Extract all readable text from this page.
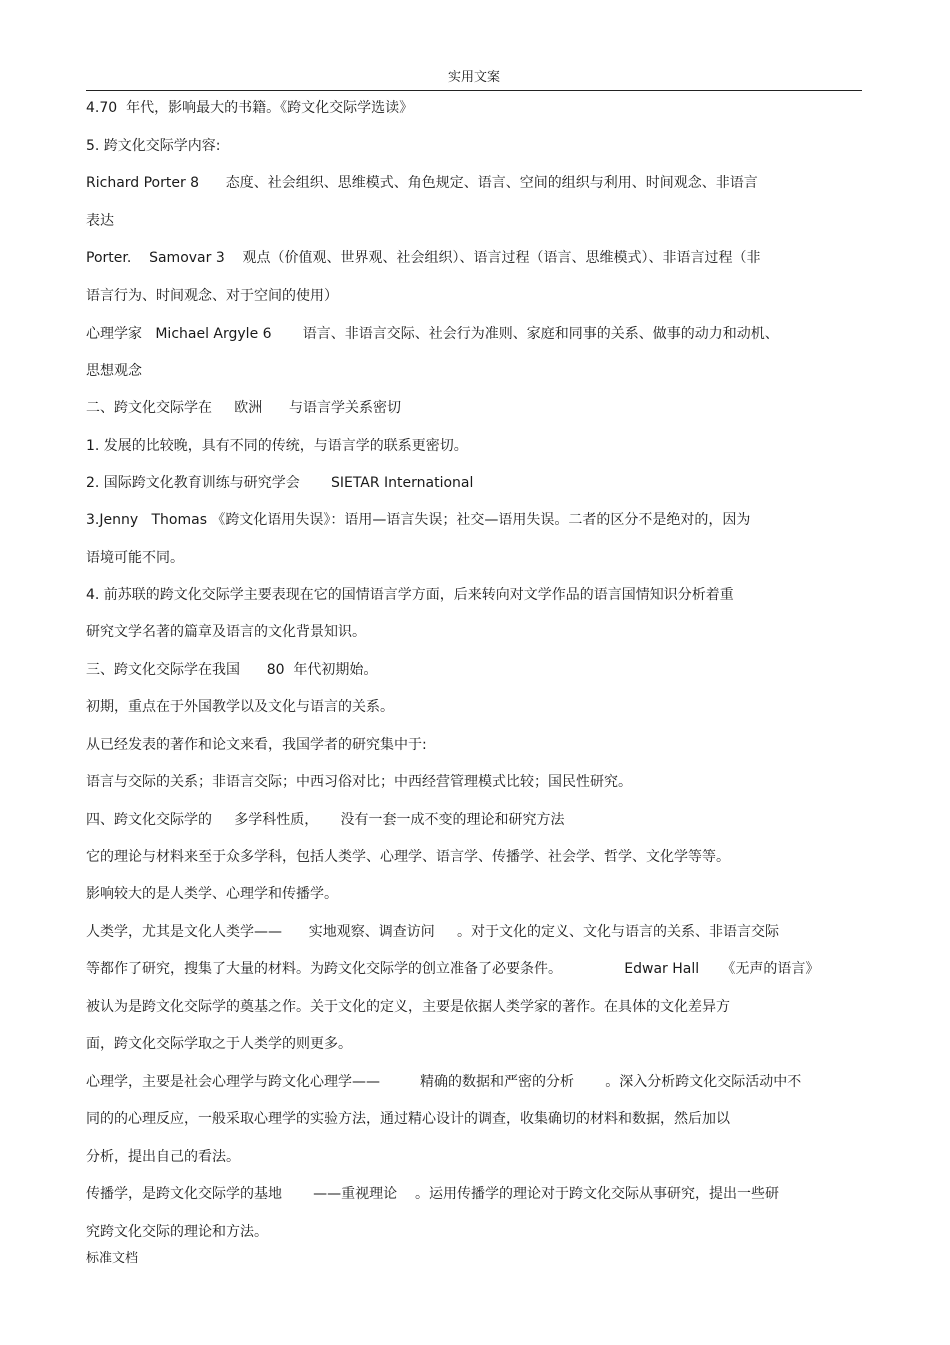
实用文案
4.70  年代，影响最大的书籍。《跨文化交际学选读》
5. 跨文化交际学内容:
Richard Porter 8      态度、社会组织、思维模式、角色规定、语言、空间的组织与利用、时间观念、非语言
表达
Porter.    Samovar 3    观点（价值观、世界观、社会组织）、语言过程（语言、思维模式）、非语言过程（非
语言行为、时间观念、对于空间的使用）
心理学家   Michael Argyle 6       语言、非语言交际、社会行为准则、家庭和同事的关系、做事的动力和动机、
思想观念
二、跨文化交际学在     欧洲      与语言学关系密切
1. 发展的比较晚，具有不同的传统，与语言学的联系更密切。
2. 国际跨文化教育训练与研究学会       SIETAR International
3.Jenny   Thomas 《跨文化语用失误》：语用—语言失误；社交—语用失误。二者的区分不是绝对的，因为
语境可能不同。
4. 前苏联的跨文化交际学主要表现在它的国情语言学方面，后来转向对文学作品的语言国情知识分析着重
研究文学名著的篇章及语言的文化背景知识。
三、跨文化交际学在我国      80  年代初期始。
初期，重点在于外国教学以及文化与语言的关系。
从已经发表的著作和论文来看，我国学者的研究集中于:
语言与交际的关系；非语言交际；中西习俗对比；中西经营管理模式比较；国民性研究。
四、跨文化交际学的     多学科性质，     没有一套一成不变的理论和研究方法
它的理论与材料来至于众多学科，包括人类学、心理学、语言学、传播学、社会学、哲学、文化学等等。
影响较大的是人类学、心理学和传播学。
人类学，尤其是文化人类学——      实地观察、调查访问     。对于文化的定义、文化与语言的关系、非语言交际
等都作了研究，搜集了大量的材料。为跨文化交际学的创立准备了必要条件。              Edwar Hall     《无声的语言》
被认为是跨文化交际学的奠基之作。关于文化的定义，主要是依据人类学家的著作。在具体的文化差异方
面，跨文化交际学取之于人类学的则更多。
心理学，主要是社会心理学与跨文化心理学——         精确的数据和严密的分析       。深入分析跨文化交际活动中不
同的的心理反应，一般采取心理学的实验方法，通过精心设计的调查，收集确切的材料和数据，然后加以
分析，提出自己的看法。
传播学，是跨文化交际学的基地       ——重视理论    。运用传播学的理论对于跨文化交际从事研究，提出一些研
究跨文化交际的理论和方法。
标准文档
